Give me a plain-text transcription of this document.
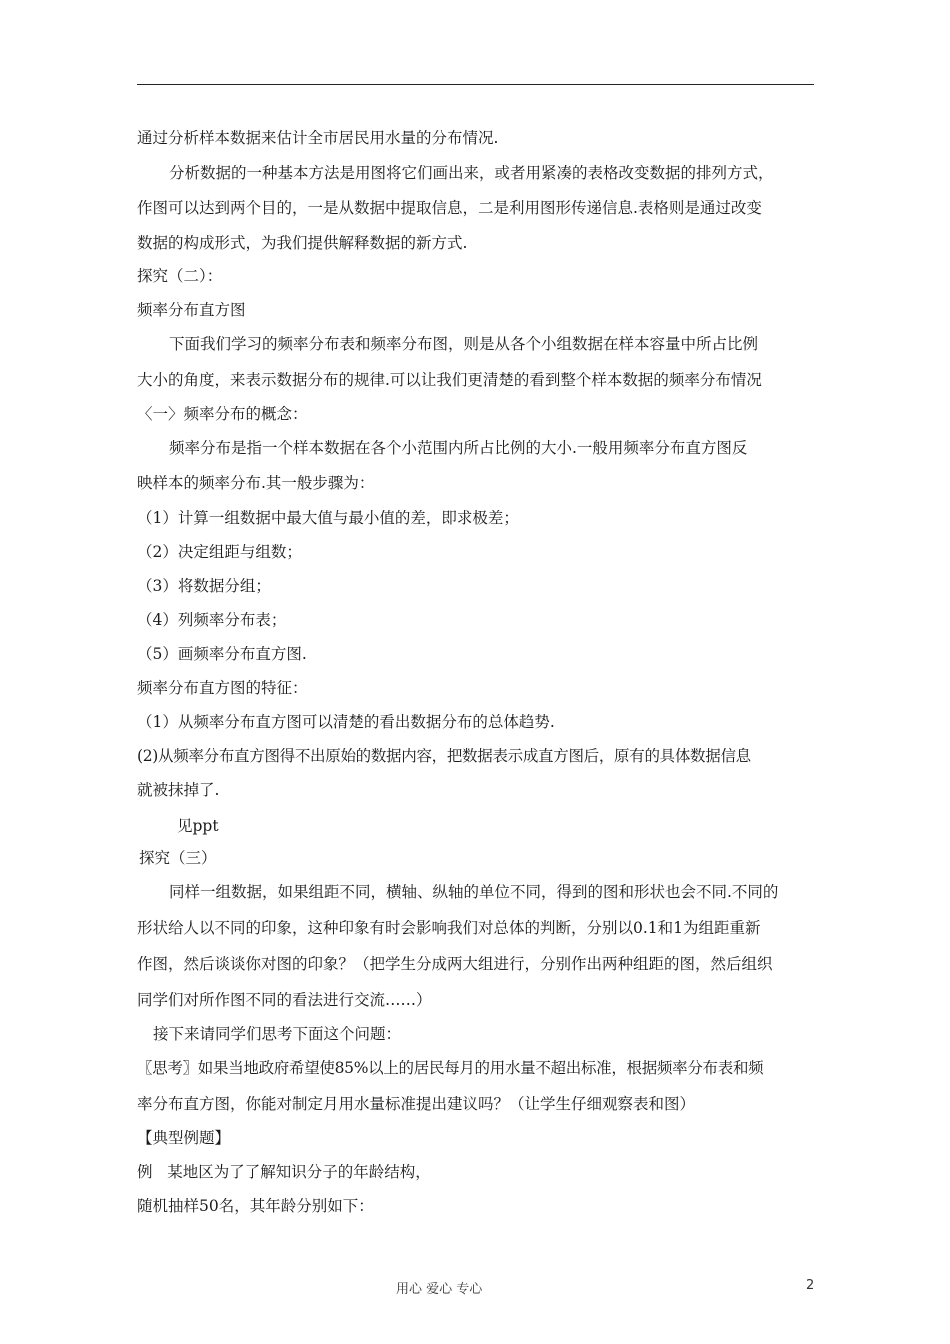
通过分析样本数据来估计全市居民用水量的分布情况.
分析数据的一种基本方法是用图将它们画出来，或者用紧凑的表格改变数据的排列方式，
作图可以达到两个目的，一是从数据中提取信息，二是利用图形传递信息.表格则是通过改变
数据的构成形式，为我们提供解释数据的新方式.
探究（二）：
频率分布直方图
下面我们学习的频率分布表和频率分布图，则是从各个小组数据在样本容量中所占比例
大小的角度，来表示数据分布的规律.可以让我们更清楚的看到整个样本数据的频率分布情况
〈一〉频率分布的概念：
频率分布是指一个样本数据在各个小范围内所占比例的大小.一般用频率分布直方图反
映样本的频率分布.其一般步骤为：
（1）计算一组数据中最大值与最小值的差，即求极差；
（2）决定组距与组数；
（3）将数据分组；
（4）列频率分布表；
（5）画频率分布直方图.
频率分布直方图的特征：
（1）从频率分布直方图可以清楚的看出数据分布的总体趋势.
(2)从频率分布直方图得不出原始的数据内容，把数据表示成直方图后，原有的具体数据信息
就被抹掉了.
见ppt
探究（三）
同样一组数据，如果组距不同，横轴、纵轴的单位不同，得到的图和形状也会不同.不同的
形状给人以不同的印象，这种印象有时会影响我们对总体的判断，分别以0.1和1为组距重新
作图，然后谈谈你对图的印象？（把学生分成两大组进行，分别作出两种组距的图，然后组织
同学们对所作图不同的看法进行交流……）
接下来请同学们思考下面这个问题：
〖思考〗如果当地政府希望使85%以上的居民每月的用水量不超出标准，根据频率分布表和频
率分布直方图，你能对制定月用水量标准提出建议吗？（让学生仔细观察表和图）
【典型例题】
例   某地区为了了解知识分子的年龄结构，
随机抽样50名，其年龄分别如下：
用心 爱心 专心	2
